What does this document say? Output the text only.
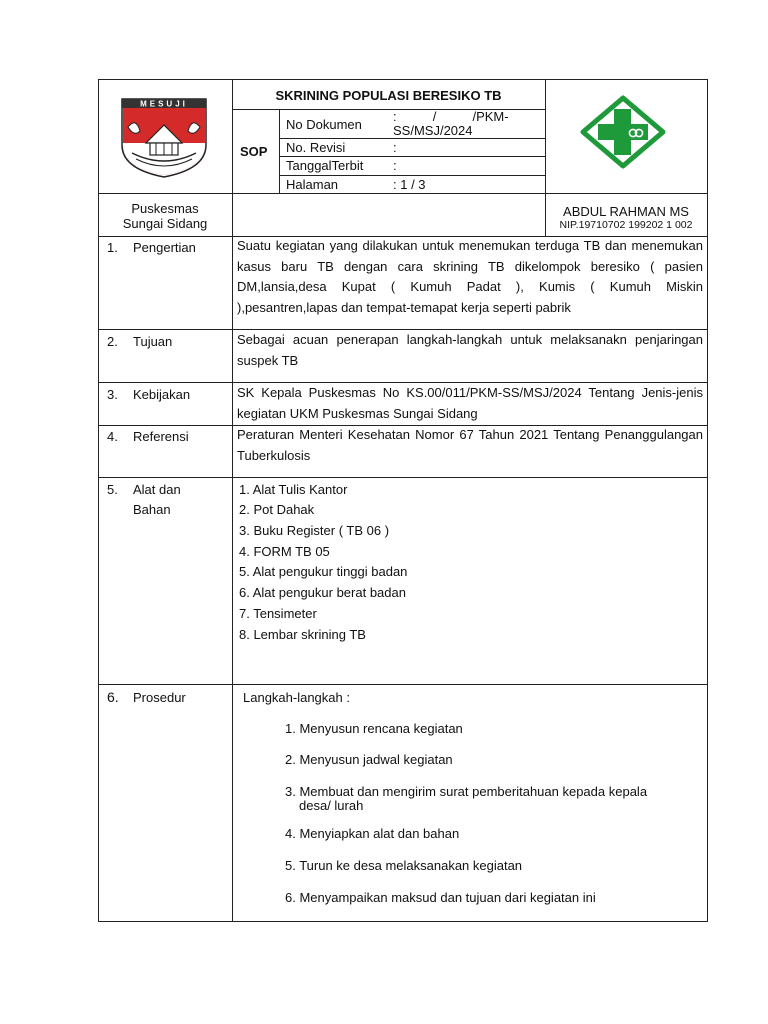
MESUJI
SKRINING POPULASI BERESIKO TB
SOP
No Dokumen
:          /          /PKM-
SS/MSJ/2024
No. Revisi	:
TanggalTerbit :
Halaman	: 1 / 3
Puskesmas
Sungai Sidang
ABDUL RAHMAN MS
NIP.19710702 199202 1 002
1. Pengertian	Suatu kegiatan yang dilakukan untuk menemukan terduga TB dan menemukan kasus baru TB dengan cara skrining TB dikelompok beresiko ( pasien DM,lansia,desa Kupat ( Kumuh Padat ), Kumis ( Kumuh Miskin ),pesantren,lapas dan tempat-temapat kerja seperti pabrik
2. Tujuan	Sebagai acuan penerapan langkah-langkah untuk melaksanakn penjaringan suspek TB
3. Kebijakan	SK Kepala Puskesmas No KS.00/011/PKM-SS/MSJ/2024 Tentang Jenis-jenis kegiatan UKM Puskesmas Sungai Sidang
4. Referensi	Peraturan Menteri Kesehatan Nomor 67 Tahun 2021 Tentang Penanggulangan Tuberkulosis
5. Alat dan
Bahan
1. Alat Tulis Kantor
2. Pot Dahak
3. Buku Register ( TB 06 )
4. FORM TB 05
5. Alat pengukur tinggi badan
6. Alat pengukur berat badan
7. Tensimeter
8. Lembar skrining TB
6. Prosedur	Langkah-langkah :
1. Menyusun rencana kegiatan
2. Menyusun jadwal kegiatan
3. Membuat dan mengirim surat pemberitahuan kepada kepala
desa/ lurah
4. Menyiapkan alat dan bahan
5. Turun ke desa melaksanakan kegiatan
6. Menyampaikan maksud dan tujuan dari kegiatan ini
